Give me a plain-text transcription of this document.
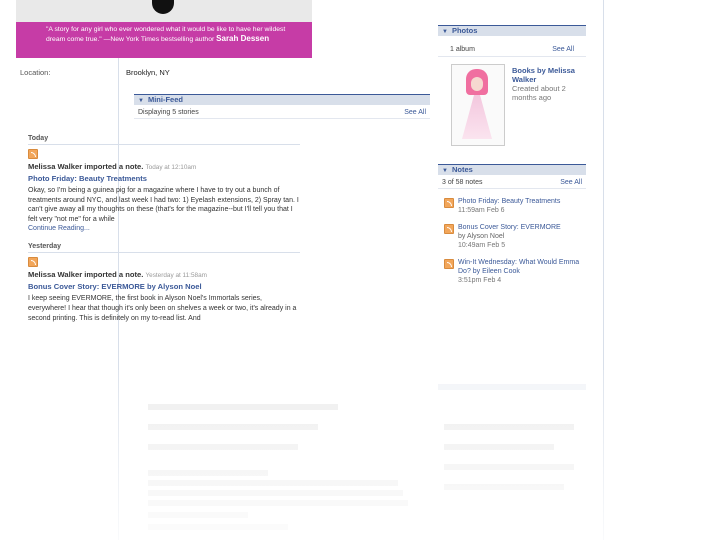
"A story for any girl who ever wondered what it would be like to have her wildest dream come true." —New York Times bestselling author Sarah Dessen
Location:	Brooklyn, NY
▼ Mini-Feed
Displaying 5 stories	See All
Today
Melissa Walker imported a note. Today at 12:10am
Photo Friday: Beauty Treatments
Okay, so I'm being a guinea pig for a magazine where I have to try out a bunch of treatments around NYC, and last week I had two: 1) Eyelash extensions, 2) Spray tan. I can't give away all my thoughts on these (that's for the magazine--but I'll tell you that I felt very "not me" for a while
Continue Reading...
Yesterday
Melissa Walker imported a note. Yesterday at 11:58am
Bonus Cover Story: EVERMORE by Alyson Noel
I keep seeing EVERMORE, the first book in Alyson Noel's Immortals series, everywhere! I hear that though it's only been on shelves a week or two, it's already in a second printing. This is definitely on my to-read list. And
▼ Photos
1 album	See All
Books by Melissa Walker
Created about 2 months ago
▼ Notes
3 of 58 notes	See All
Photo Friday: Beauty Treatments
11:59am Feb 6
Bonus Cover Story: EVERMORE
by Alyson Noel
10:49am Feb 5
Win-It Wednesday: What Would Emma Do? by Eileen Cook
3:51pm Feb 4
